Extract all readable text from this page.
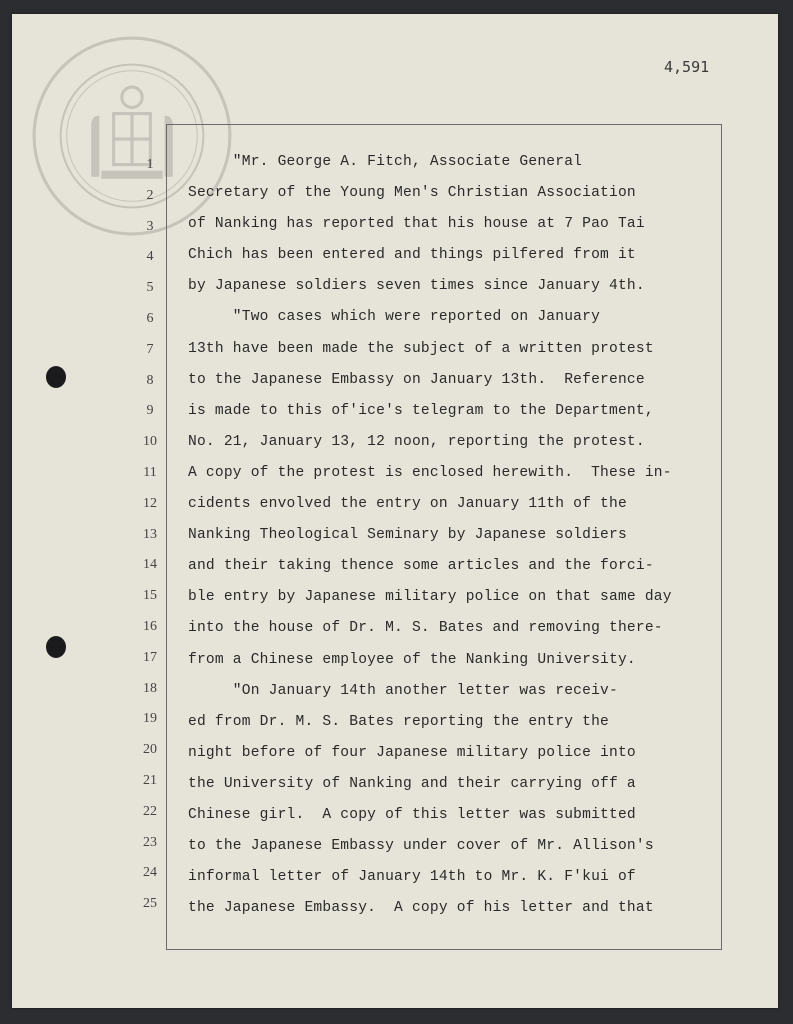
4,591
1
2
3
4
5
6
7
8
9
10
11
12
13
14
15
16
17
18
19
20
21
22
23
24
25
"Mr. George A. Fitch, Associate General
Secretary of the Young Men's Christian Association
of Nanking has reported that his house at 7 Pao Tai
Chich has been entered and things pilfered from it
by Japanese soldiers seven times since January 4th.
"Two cases which were reported on January
13th have been made the subject of a written protest
to the Japanese Embassy on January 13th.  Reference
is made to this of'ice's telegram to the Department,
No. 21, January 13, 12 noon, reporting the protest.
A copy of the protest is enclosed herewith.  These in-
cidents envolved the entry on January 11th of the
Nanking Theological Seminary by Japanese soldiers
and their taking thence some articles and the forci-
ble entry by Japanese military police on that same day
into the house of Dr. M. S. Bates and removing there-
from a Chinese employee of the Nanking University.
"On January 14th another letter was receiv-
ed from Dr. M. S. Bates reporting the entry the
night before of four Japanese military police into
the University of Nanking and their carrying off a
Chinese girl.  A copy of this letter was submitted
to the Japanese Embassy under cover of Mr. Allison's
informal letter of January 14th to Mr. K. F'kui of
the Japanese Embassy.  A copy of his letter and that
